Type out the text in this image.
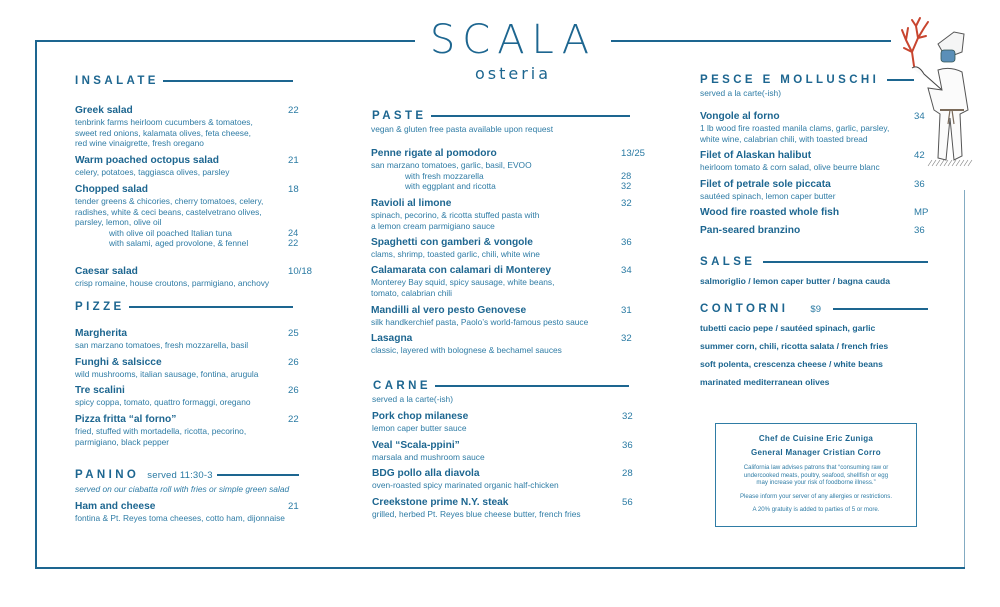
SCALA
osteria
INSALATE
Greek salad	22
tenbrink farms heirloom cucumbers & tomatoes,
sweet red onions, kalamata olives, feta cheese,
red wine vinaigrette, fresh oregano
Warm poached octopus salad	21
celery, potatoes, taggiasca olives, parsley
Chopped salad	18
tender greens & chicories, cherry tomatoes, celery,
radishes, white & ceci beans, castelvetrano olives,
parsley, lemon, olive oil
with olive oil poached Italian tuna	24
with salami, aged provolone, & fennel	22
Caesar salad	10/18
crisp romaine, house croutons, parmigiano, anchovy
PIZZE
Margherita	25
san marzano tomatoes, fresh mozzarella, basil
Funghi & salsicce	26
wild mushrooms, italian sausage, fontina, arugula
Tre scalini	26
spicy coppa, tomato, quattro formaggi, oregano
Pizza fritta “al forno”	22
fried, stuffed with mortadella, ricotta, pecorino,
parmigiano, black pepper
PANINO served 11:30-3
served on our ciabatta roll with fries or simple green salad
Ham and cheese	21
fontina & Pt. Reyes toma cheeses, cotto ham, dijonnaise
PASTE
vegan & gluten free pasta available upon request
Penne rigate al pomodoro	13/25
san marzano tomatoes, garlic, basil, EVOO
with fresh mozzarella	28
with eggplant and ricotta	32
Ravioli al limone	32
spinach, pecorino, & ricotta stuffed pasta with
a lemon cream parmigiano sauce
Spaghetti con gamberi & vongole	36
clams, shrimp, toasted garlic, chili, white wine
Calamarata con calamari di Monterey	34
Monterey Bay squid, spicy sausage, white beans,
tomato, calabrian chili
Mandilli al vero pesto Genovese	31
silk handkerchief pasta, Paolo’s world-famous pesto sauce
Lasagna	32
classic, layered with bolognese & bechamel sauces
CARNE
served a la carte(-ish)
Pork chop milanese	32
lemon caper butter sauce
Veal “Scala-ppini”	36
marsala and mushroom sauce
BDG pollo alla diavola	28
oven-roasted spicy marinated organic half-chicken
Creekstone prime N.Y. steak	56
grilled, herbed Pt. Reyes blue cheese butter, french fries
PESCE E MOLLUSCHI
served a la carte(-ish)
Vongole al forno	34
1 lb wood fire roasted manila clams, garlic, parsley,
white wine, calabrian chili, with toasted bread
Filet of Alaskan halibut	42
heirloom tomato & corn salad, olive beurre blanc
Filet of petrale sole piccata	36
sautéed spinach, lemon caper butter
Wood fire roasted whole fish	MP
Pan-seared branzino	36
SALSE
salmoriglio / lemon caper butter / bagna cauda
CONTORNI $9
tubetti cacio pepe / sautéed spinach, garlic
summer corn, chili, ricotta salata / french fries
soft polenta, crescenza cheese / white beans
marinated mediterranean olives
Chef de Cuisine Eric Zuniga
General Manager Cristian Corro
California law advises patrons that “consuming raw or
undercooked meats, poultry, seafood, shellfish or egg
may increase your risk of foodborne illness.”
Please inform your server of any allergies or restrictions.
A 20% gratuity is added to parties of 5 or more.
